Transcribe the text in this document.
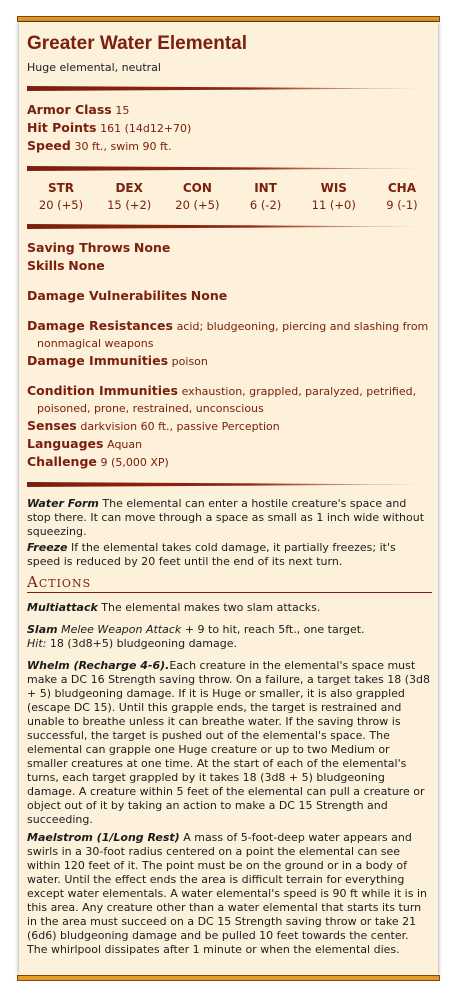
Greater Water Elemental
Huge elemental, neutral
Armor Class 15
Hit Points 161 (14d12+70)
Speed 30 ft., swim 90 ft.
STR
20 (+5)
DEX
15 (+2)
CON
20 (+5)
INT
6 (-2)
WIS
11 (+0)
CHA
9 (-1)
Saving Throws None
Skills None
Damage Vulnerabilites None
Damage Resistances acid; bludgeoning, piercing and slashing from nonmagical weapons
Damage Immunities poison
Condition Immunities exhaustion, grappled, paralyzed, petrified, poisoned, prone, restrained, unconscious
Senses darkvision 60 ft., passive Perception
Languages Aquan
Challenge 9 (5,000 XP)
Water Form The elemental can enter a hostile creature's space and stop there. It can move through a space as small as 1 inch wide without squeezing.
Freeze If the elemental takes cold damage, it partially freezes; it's speed is reduced by 20 feet until the end of its next turn.
Actions
Multiattack The elemental makes two slam attacks.
Slam Melee Weapon Attack + 9 to hit, reach 5ft., one target.
Hit: 18 (3d8+5) bludgeoning damage.
Whelm (Recharge 4-6).Each creature in the elemental's space must make a DC 16 Strength saving throw. On a failure, a target takes 18 (3d8 + 5) bludgeoning damage. If it is Huge or smaller, it is also grappled (escape DC 15). Until this grapple ends, the target is restrained and unable to breathe unless it can breathe water. If the saving throw is successful, the target is pushed out of the elemental's space. The elemental can grapple one Huge creature or up to two Medium or smaller creatures at one time. At the start of each of the elemental's turns, each target grappled by it takes 18 (3d8 + 5) bludgeoning damage. A creature within 5 feet of the elemental can pull a creature or object out of it by taking an action to make a DC 15 Strength and succeeding.
Maelstrom (1/Long Rest) A mass of 5-foot-deep water appears and swirls in a 30-foot radius centered on a point the elemental can see within 120 feet of it. The point must be on the ground or in a body of water. Until the effect ends the area is difficult terrain for everything except water elementals. A water elemental's speed is 90 ft while it is in this area. Any creature other than a water elemental that starts its turn in the area must succeed on a DC 15 Strength saving throw or take 21 (6d6) bludgeoning damage and be pulled 10 feet towards the center. The whirlpool dissipates after 1 minute or when the elemental dies.
